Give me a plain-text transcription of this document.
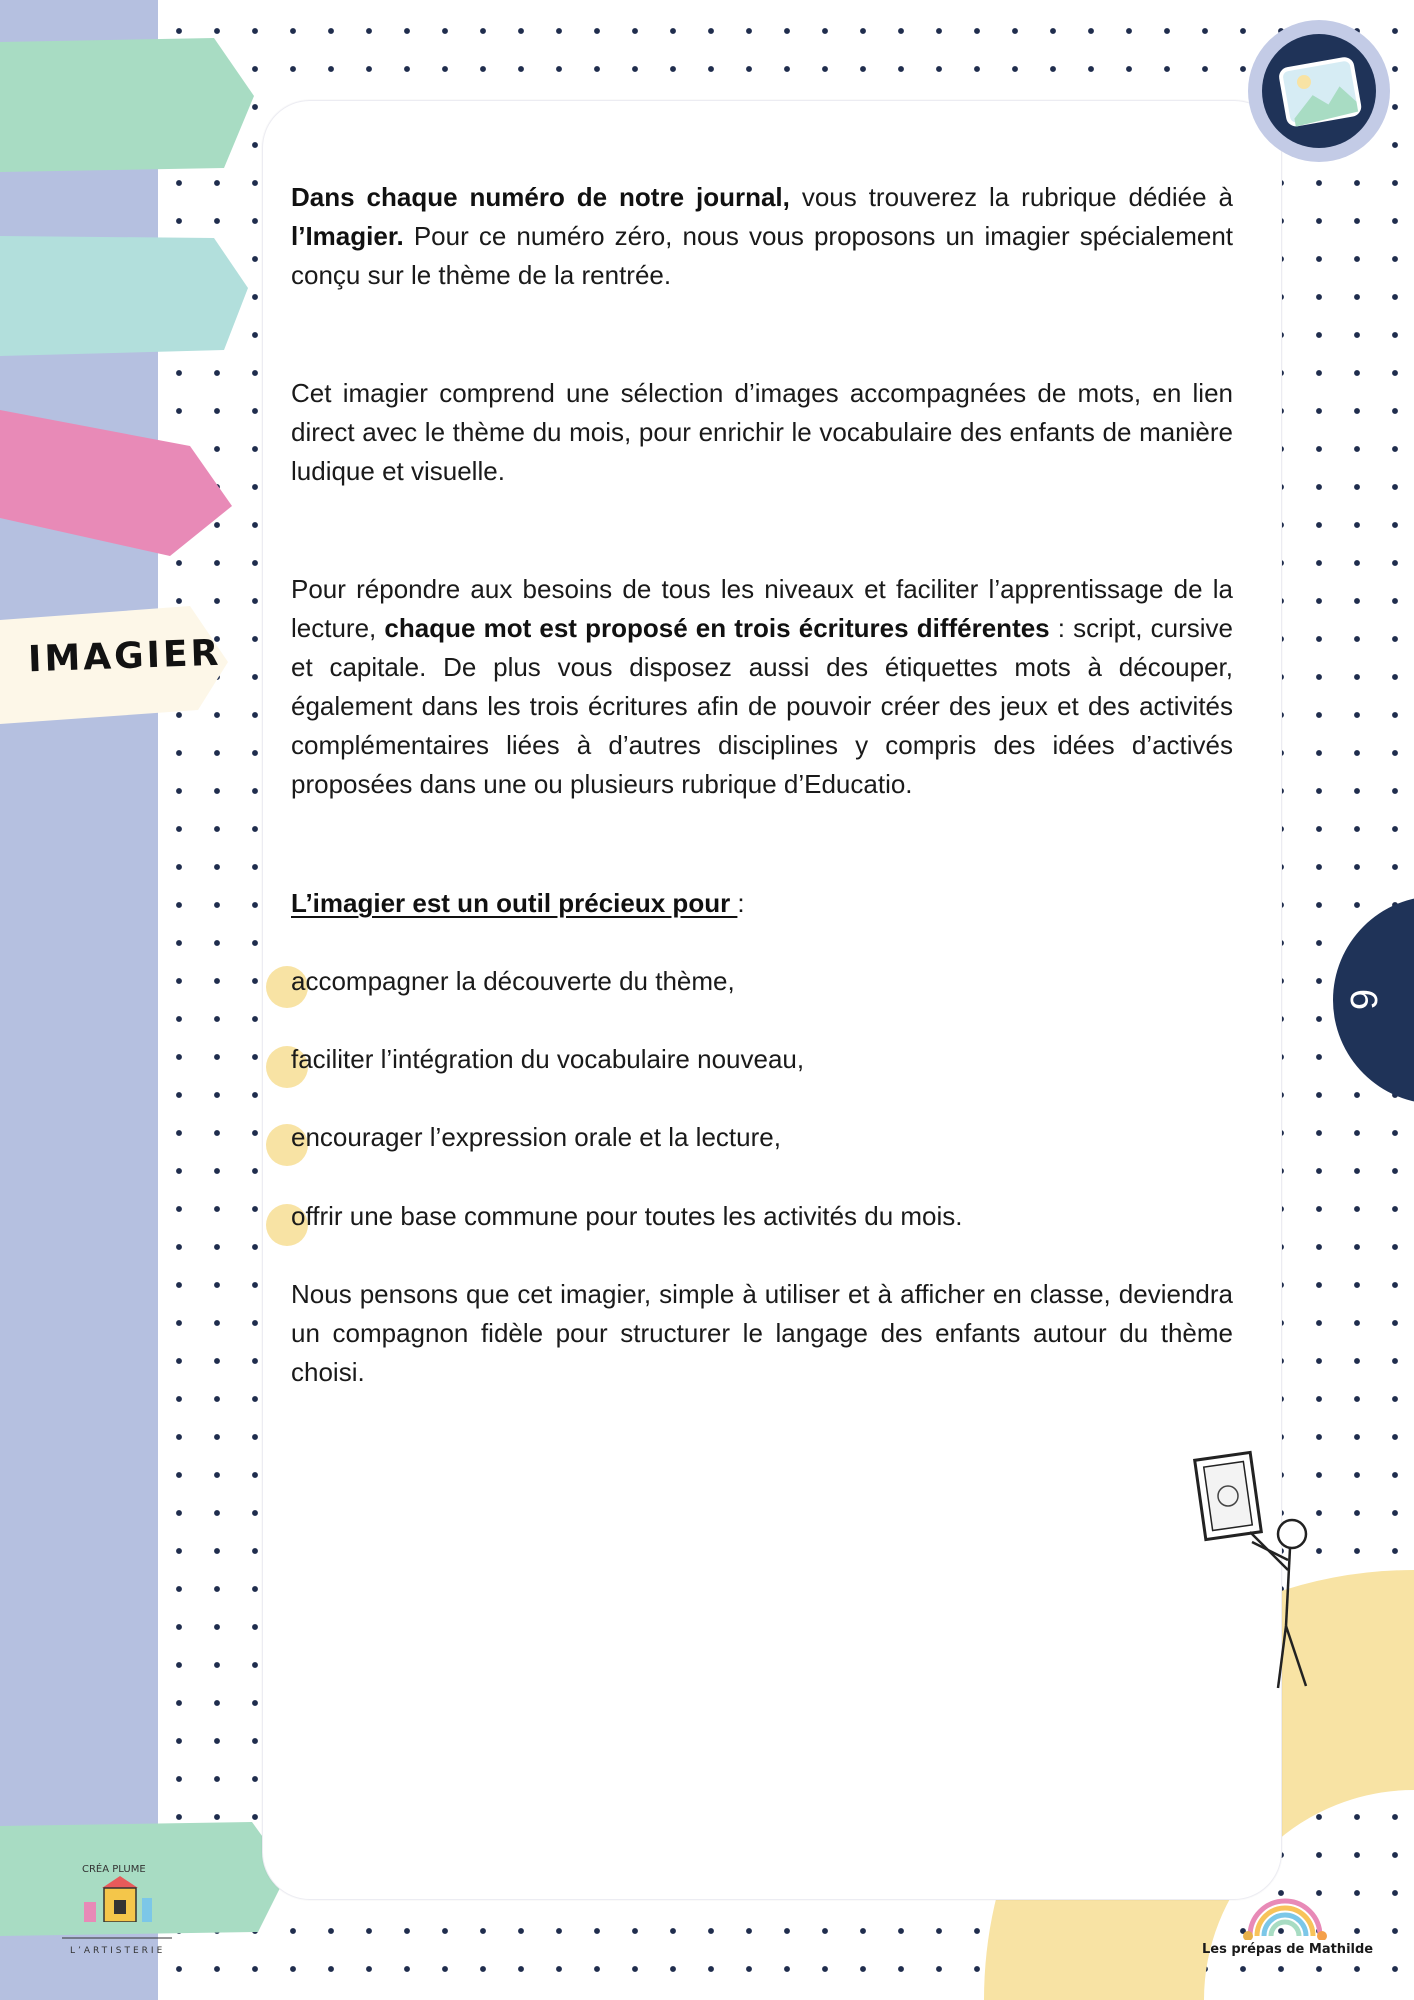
IMAGIER
Dans chaque numéro de notre journal, vous trouverez la rubrique dédiée à l’Imagier. Pour ce numéro zéro, nous vous proposons un imagier spécialement conçu sur le thème de la rentrée.
Cet imagier comprend une sélection d’images accompagnées de mots, en lien direct avec le thème du mois, pour enrichir le vocabulaire des enfants de manière ludique et visuelle.
Pour répondre aux besoins de tous les niveaux et faciliter l’apprentissage de la lecture, chaque mot est proposé en trois écritures différentes : script, cursive et capitale. De plus vous disposez aussi des étiquettes mots à découper, également dans les trois écritures afin de pouvoir créer des jeux et des activités complémentaires liées à d’autres disciplines y compris des idées d’activés proposées dans une ou plusieurs rubrique d’Educatio.
L’imagier est un outil précieux pour :
accompagner la découverte du thème,
faciliter l’intégration du vocabulaire nouveau,
encourager l’expression orale et la lecture,
offrir une base commune pour toutes les activités du mois.
Nous pensons que cet imagier, simple à utiliser et à afficher en classe, deviendra un compagnon fidèle pour structurer le langage des enfants autour du thème choisi.
6
CRÉA PLUME
L’ARTISTERIE	Les prépas de Mathilde
